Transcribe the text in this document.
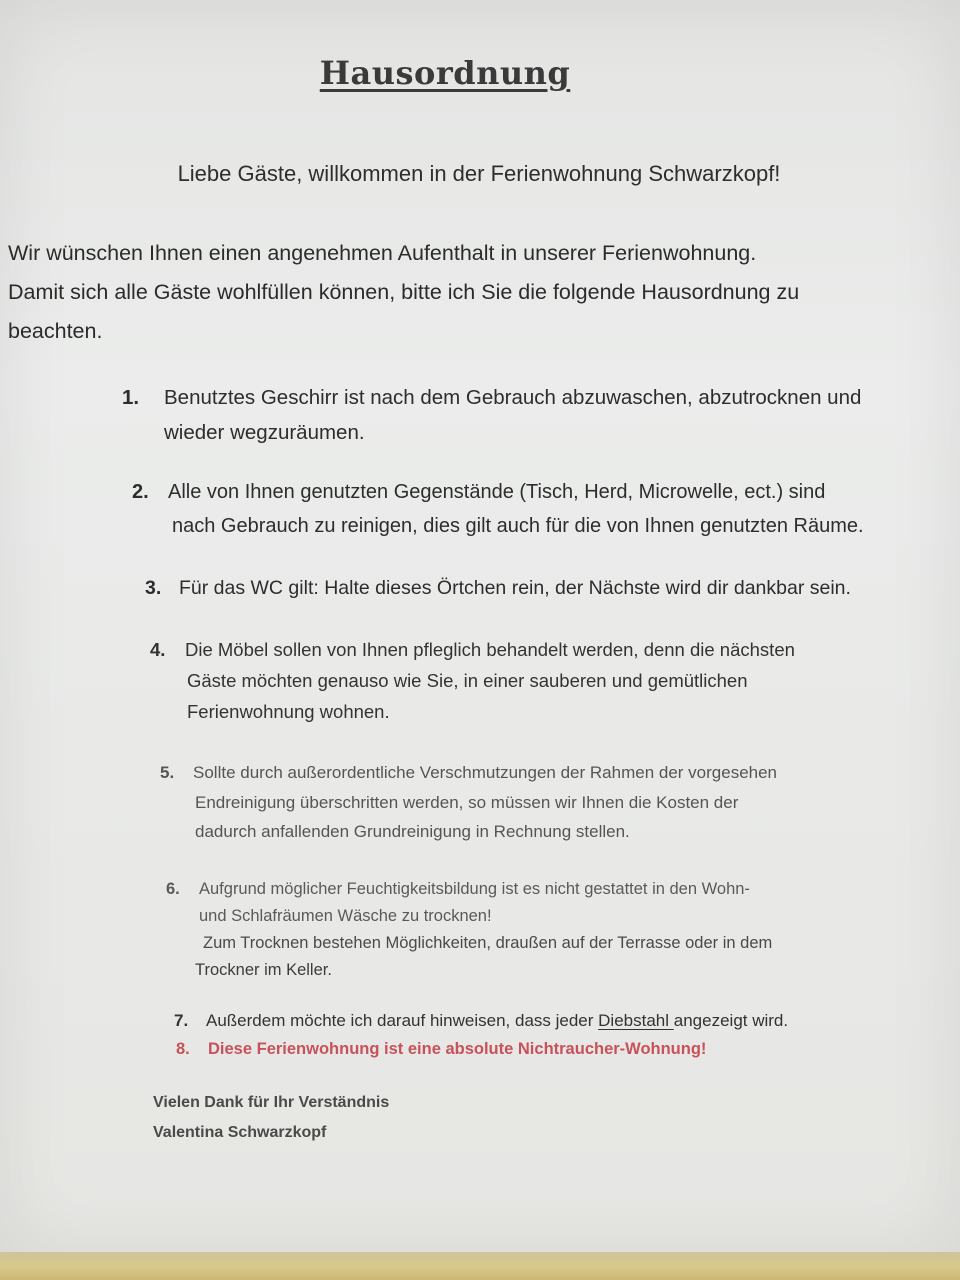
Hausordnung
Liebe Gäste, willkommen in der Ferienwohnung Schwarzkopf!
Wir wünschen Ihnen einen angenehmen Aufenthalt in unserer Ferienwohnung.
Damit sich alle Gäste wohlfüllen können, bitte ich Sie die folgende Hausordnung zu
beachten.
1. Benutztes Geschirr ist nach dem Gebrauch abzuwaschen, abzutrocknen und
wieder wegzuräumen.
2. Alle von Ihnen genutzten Gegenstände (Tisch, Herd, Microwelle, ect.) sind
nach Gebrauch zu reinigen, dies gilt auch für die von Ihnen genutzten Räume.
3. Für das WC gilt: Halte dieses Örtchen rein, der Nächste wird dir dankbar sein.
4. Die Möbel sollen von Ihnen pfleglich behandelt werden, denn die nächsten
Gäste möchten genauso wie Sie, in einer sauberen und gemütlichen
Ferienwohnung wohnen.
5. Sollte durch außerordentliche Verschmutzungen der Rahmen der vorgesehen
Endreinigung überschritten werden, so müssen wir Ihnen die Kosten der
dadurch anfallenden Grundreinigung in Rechnung stellen.
6. Aufgrund möglicher Feuchtigkeitsbildung ist es nicht gestattet in den Wohn-
und Schlafräumen Wäsche zu trocknen!
Zum Trocknen bestehen Möglichkeiten, draußen auf der Terrasse oder in dem
Trockner im Keller.
7. Außerdem möchte ich darauf hinweisen, dass jeder Diebstahl angezeigt wird.
8. Diese Ferienwohnung ist eine absolute Nichtraucher-Wohnung!
Vielen Dank für Ihr Verständnis
Valentina Schwarzkopf
